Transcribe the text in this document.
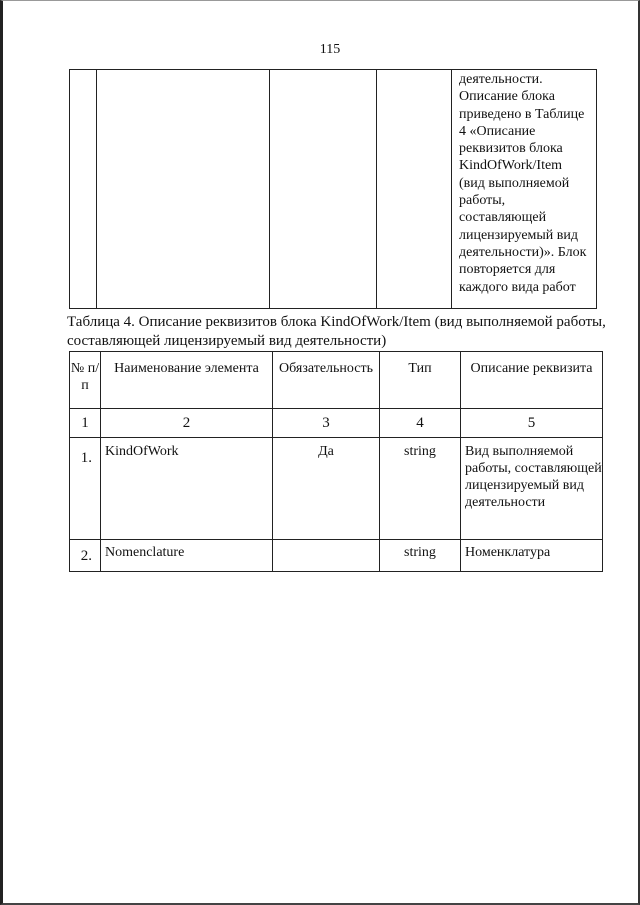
115

деятельности.
Описание блока
приведено в Таблице
4 «Описание
реквизитов блока
KindOfWork/Item
(вид выполняемой
работы,
составляющей
лицензируемый вид
деятельности)». Блок
повторяется для
каждого вида работ
Таблица 4. Описание реквизитов блока KindOfWork/Item (вид выполняемой работы, составляющей лицензируемый вид деятельности)
№ п/п	Наименование элемента	Обязательность	Тип	Описание реквизита
1	2	3	4	5
1.	KindOfWork	Да	string	Вид выполняемой работы, составляющей лицензируемый вид деятельности
2.	Nomenclature		string	Номенклатура
